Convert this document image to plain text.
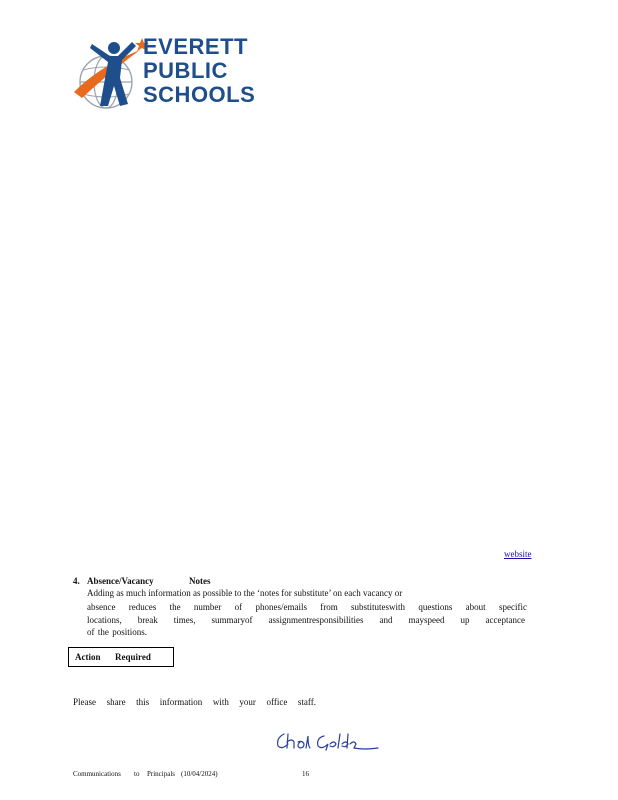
EVERETT
PUBLIC
SCHOOLS
website
4. Absence/Vacancy	Notes
Adding as much information as possible to the ‘notes for substitute’ on each vacancy or
absence reduces the number of phones/emails from substituteswith questions about specific
locations, break times, summaryof assignmentresponsibilities and mayspeed up acceptance
of the positions.
Action Required
Please share this information with your office staff.
Communications to Principals (10/04/2024)	16
